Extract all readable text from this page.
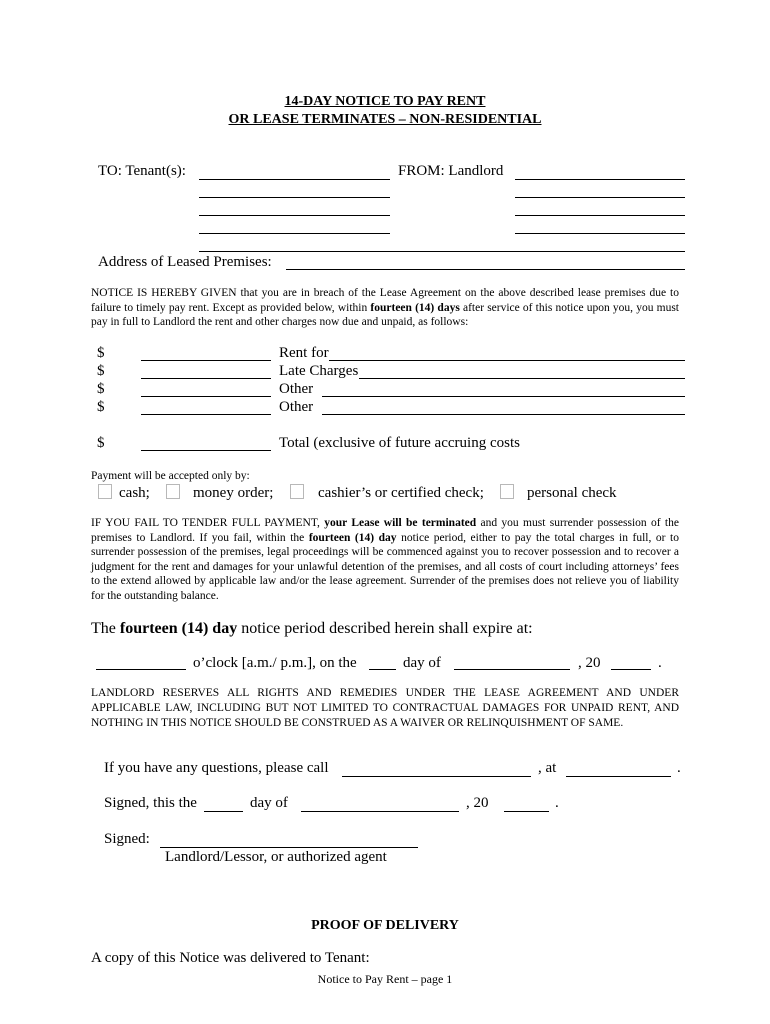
14-DAY NOTICE TO PAY RENT
OR LEASE TERMINATES – NON-RESIDENTIAL
TO: Tenant(s):	FROM: Landlord
Address of Leased Premises:
NOTICE IS HEREBY GIVEN that you are in breach of the Lease Agreement on the above described lease premises due to failure to timely pay rent. Except as provided below, within fourteen (14) days after service of this notice upon you, you must pay in full to Landlord the rent and other charges now due and unpaid, as follows:
$	Rent for
$	Late Charges
$	Other
$	Other
$	Total (exclusive of future accruing costs
Payment will be accepted only by:
cash;	money order;	cashier’s or certified check;	personal check
IF YOU FAIL TO TENDER FULL PAYMENT, your Lease will be terminated and you must surrender possession of the premises to Landlord. If you fail, within the fourteen (14) day notice period, either to pay the total charges in full, or to surrender possession of the premises, legal proceedings will be commenced against you to recover possession and to recover a judgment for the rent and damages for your unlawful detention of the premises, and all costs of court including attorneys’ fees to the extend allowed by applicable law and/or the lease agreement. Surrender of the premises does not relieve you of liability for the outstanding balance.
The fourteen (14) day notice period described herein shall expire at:
o’clock [a.m./ p.m.], on the	day of	, 20	.
LANDLORD RESERVES ALL RIGHTS AND REMEDIES UNDER THE LEASE AGREEMENT AND UNDER APPLICABLE LAW, INCLUDING BUT NOT LIMITED TO CONTRACTUAL DAMAGES FOR UNPAID RENT, AND NOTHING IN THIS NOTICE SHOULD BE CONSTRUED AS A WAIVER OR RELINQUISHMENT OF SAME.
If you have any questions, please call	, at	.
Signed, this the	day of	, 20	.
Signed:
Landlord/Lessor, or authorized agent
PROOF OF DELIVERY
A copy of this Notice was delivered to Tenant:
Notice to Pay Rent – page 1
